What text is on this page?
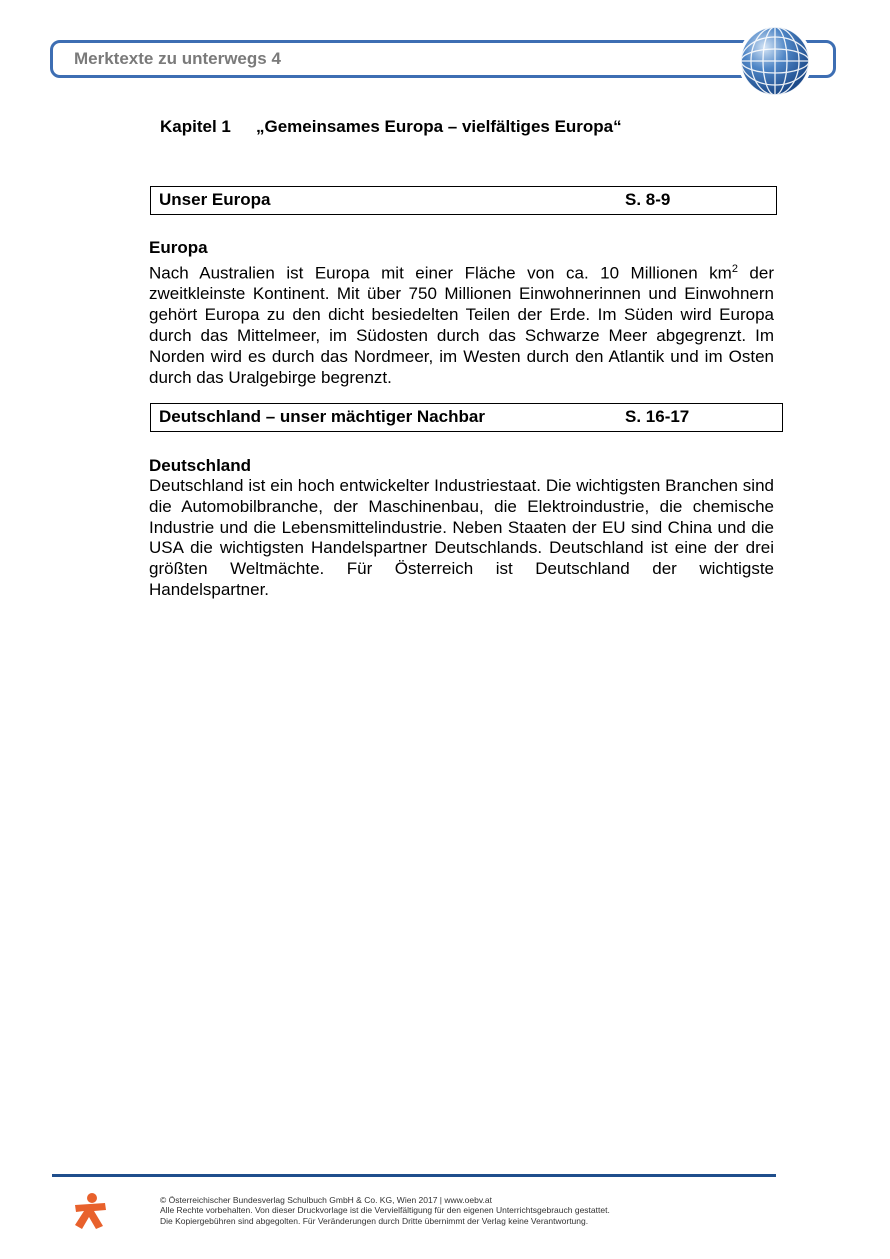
Merktexte zu unterwegs 4
Kapitel 1 „Gemeinsames Europa – vielfältiges Europa“
Unser Europa	S. 8-9
Europa
Nach Australien ist Europa mit einer Fläche von ca. 10 Millionen $km^2$ der zweitkleinste Kontinent. Mit über 750 Millionen Einwohnerinnen und Einwohnern gehört Europa zu den dicht besiedelten Teilen der Erde. Im Süden wird Europa durch das Mittelmeer, im Südosten durch das Schwarze Meer abgegrenzt. Im Norden wird es durch das Nordmeer, im Westen durch den Atlantik und im Osten durch das Uralgebirge begrenzt.
Deutschland – unser mächtiger Nachbar	S. 16-17
Deutschland
Deutschland ist ein hoch entwickelter Industriestaat. Die wichtigsten Branchen sind die Automobilbranche, der Maschinenbau, die Elektroindustrie, die chemische Industrie und die Lebensmittelindustrie. Neben Staaten der EU sind China und die USA die wichtigsten Handelspartner Deutschlands. Deutschland ist eine der drei größten Weltmächte. Für Österreich ist Deutschland der wichtigste Handelspartner.
© Österreichischer Bundesverlag Schulbuch GmbH & Co. KG, Wien 2017 | www.oebv.at
Alle Rechte vorbehalten. Von dieser Druckvorlage ist die Vervielfältigung für den eigenen Unterrichtsgebrauch gestattet.
Die Kopiergebühren sind abgegolten. Für Veränderungen durch Dritte übernimmt der Verlag keine Verantwortung.
